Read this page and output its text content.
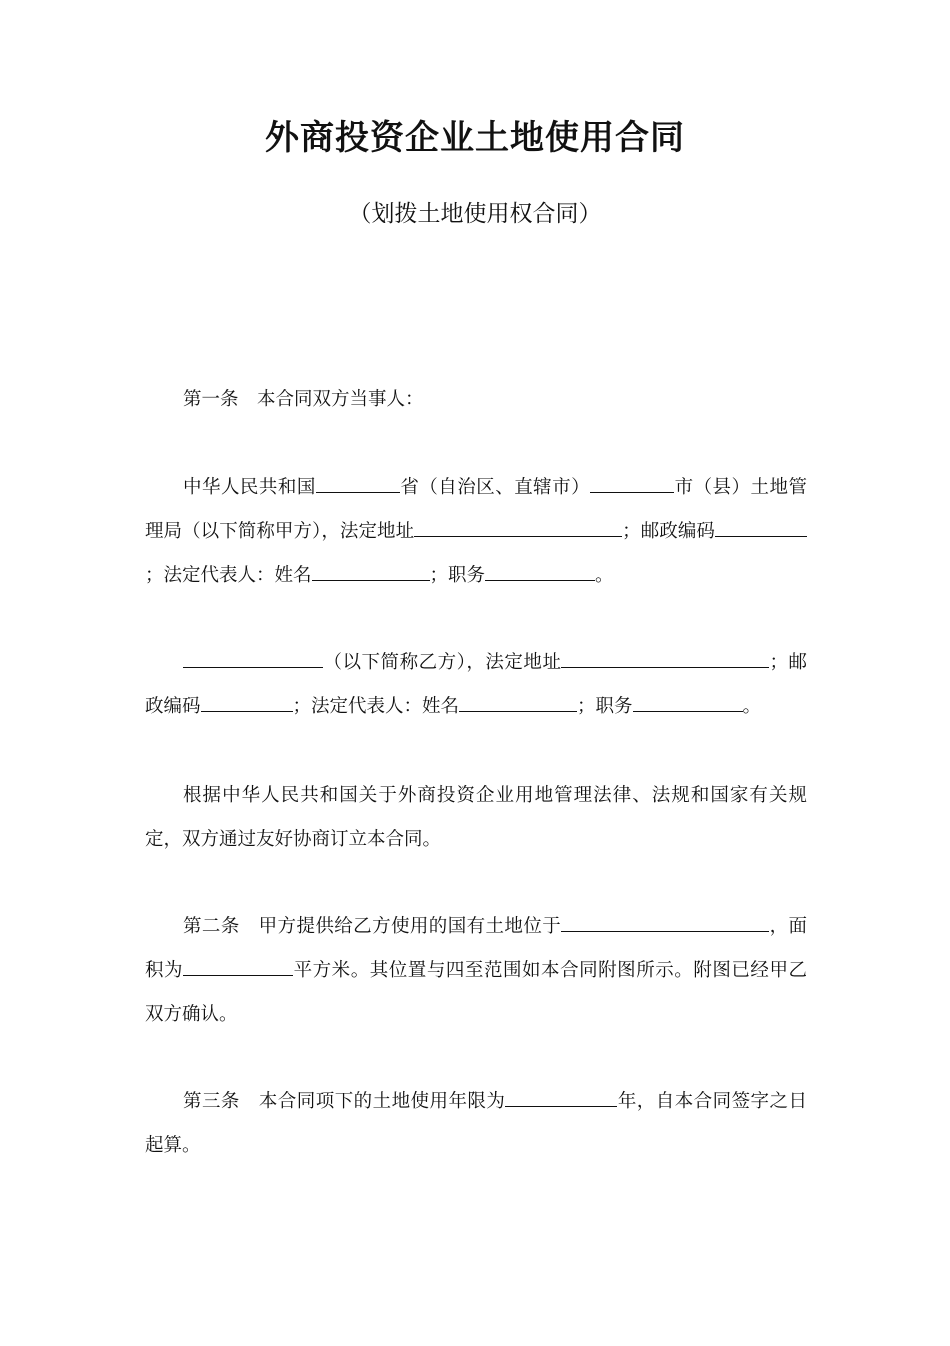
外商投资企业土地使用合同

（划拨土地使用权合同）

第一条　本合同双方当事人：

中华人民共和国	省（自治区、直辖市）	市（县）土地管理局（以下简称甲方），法定地址	；邮政编码；法定代表人：姓名	；职务	。

（以下简称乙方），法定地址	；邮政编码	；法定代表人：姓名	；职务	。

根据中华人民共和国关于外商投资企业用地管理法律、法规和国家有关规定，双方通过友好协商订立本合同。

第二条　甲方提供给乙方使用的国有土地位于	，面积为	平方米。其位置与四至范围如本合同附图所示。附图已经甲乙双方确认。

第三条　本合同项下的土地使用年限为	年，自本合同签字之日起算。
